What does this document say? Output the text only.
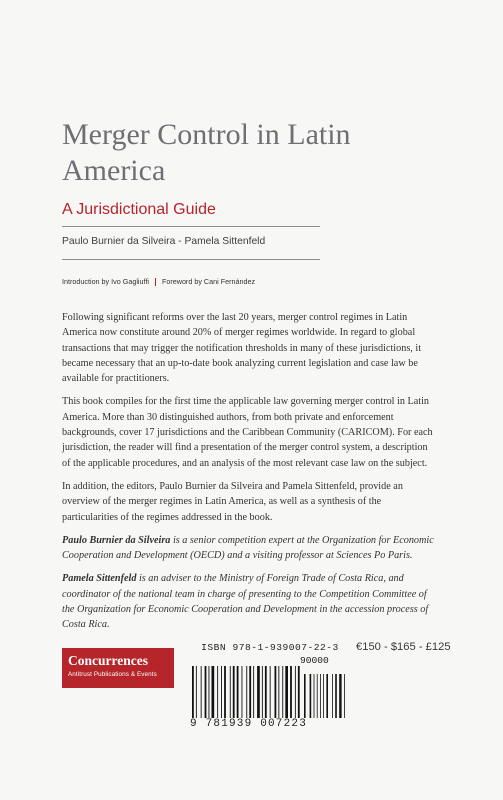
Merger Control in Latin America
A Jurisdictional Guide
Paulo Burnier da Silveira - Pamela Sittenfeld
Introduction by Ivo Gagliuffi Foreword by Cani Fernández

Following significant reforms over the last 20 years, merger control regimes in Latin America now constitute around 20% of merger regimes worldwide. In regard to global transactions that may trigger the notification thresholds in many of these jurisdictions, it became necessary that an up-to-date book analyzing current legislation and case law be available for practitioners.

This book compiles for the first time the applicable law governing merger control in Latin America. More than 30 distinguished authors, from both private and enforcement backgrounds, cover 17 jurisdictions and the Caribbean Community (CARICOM). For each jurisdiction, the reader will find a presentation of the merger control system, a description of the applicable procedures, and an analysis of the most relevant case law on the subject.

In addition, the editors, Paulo Burnier da Silveira and Pamela Sittenfeld, provide an overview of the merger regimes in Latin America, as well as a synthesis of the particularities of the regimes addressed in the book.

Paulo Burnier da Silveira is a senior competition expert at the Organization for Economic Cooperation and Development (OECD) and a visiting professor at Sciences Po Paris.

Pamela Sittenfeld is an adviser to the Ministry of Foreign Trade of Costa Rica, and coordinator of the national team in charge of presenting to the Competition Committee of the Organization for Economic Cooperation and Development in the accession process of Costa Rica.

Concurrences
Antitrust Publications & Events
ISBN 978-1-939007-22-3
90000
9 781939 007223
€150 - $165 - £125
